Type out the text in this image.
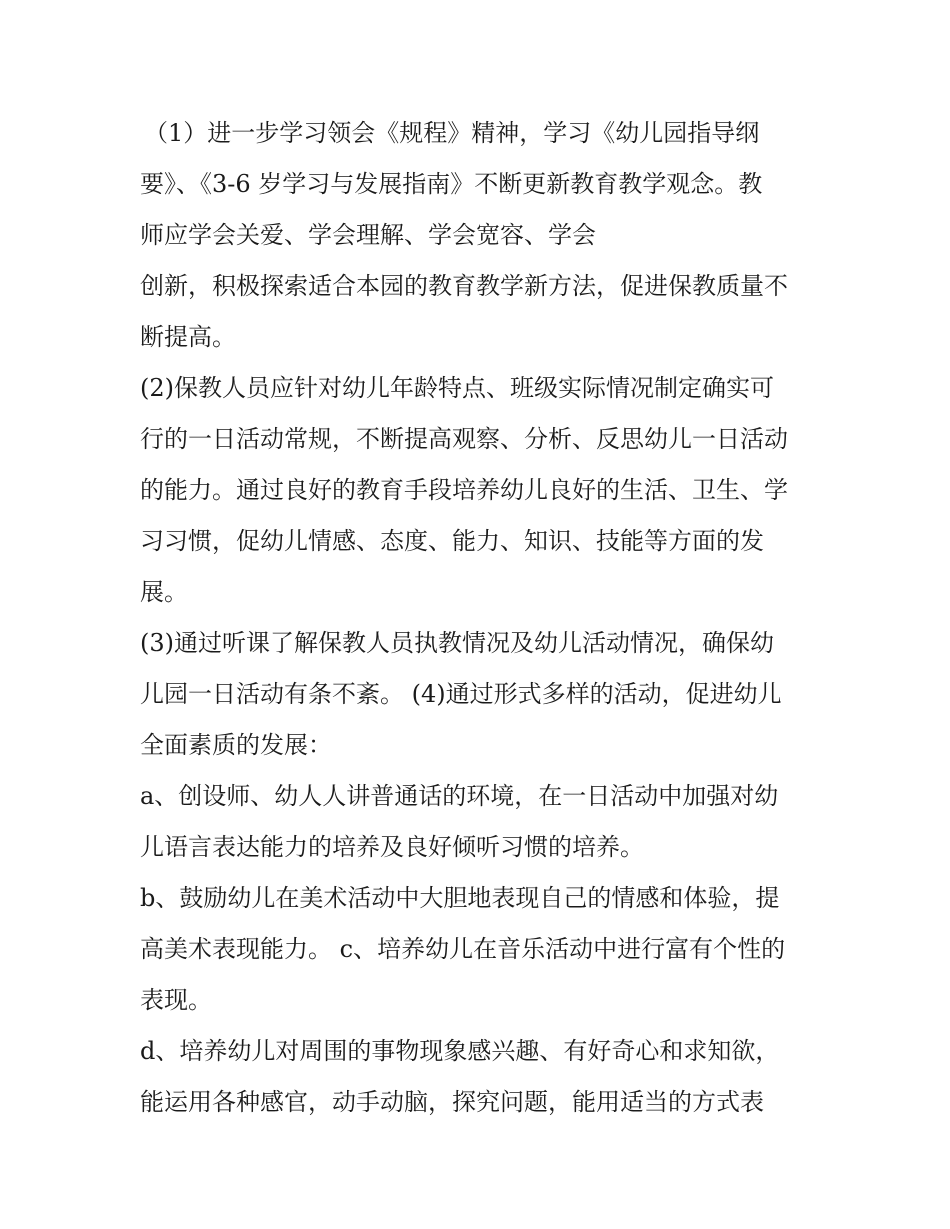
（1）进一步学习领会《规程》精神，学习《幼儿园指导纲
要》、《3-6 岁学习与发展指南》不断更新教育教学观念。教
师应学会关爱、学会理解、学会宽容、学会
创新，积极探索适合本园的教育教学新方法，促进保教质量不
断提高。
(2)保教人员应针对幼儿年龄特点、班级实际情况制定确实可
行的一日活动常规，不断提高观察、分析、反思幼儿一日活动
的能力。通过良好的教育手段培养幼儿良好的生活、卫生、学
习习惯，促幼儿情感、态度、能力、知识、技能等方面的发
展。
(3)通过听课了解保教人员执教情况及幼儿活动情况，确保幼
儿园一日活动有条不紊。 (4)通过形式多样的活动，促进幼儿
全面素质的发展：
a、创设师、幼人人讲普通话的环境，在一日活动中加强对幼
儿语言表达能力的培养及良好倾听习惯的培养。
b、鼓励幼儿在美术活动中大胆地表现自己的情感和体验，提
高美术表现能力。 c、培养幼儿在音乐活动中进行富有个性的
表现。
d、培养幼儿对周围的事物现象感兴趣、有好奇心和求知欲，
能运用各种感官，动手动脑，探究问题，能用适当的方式表
